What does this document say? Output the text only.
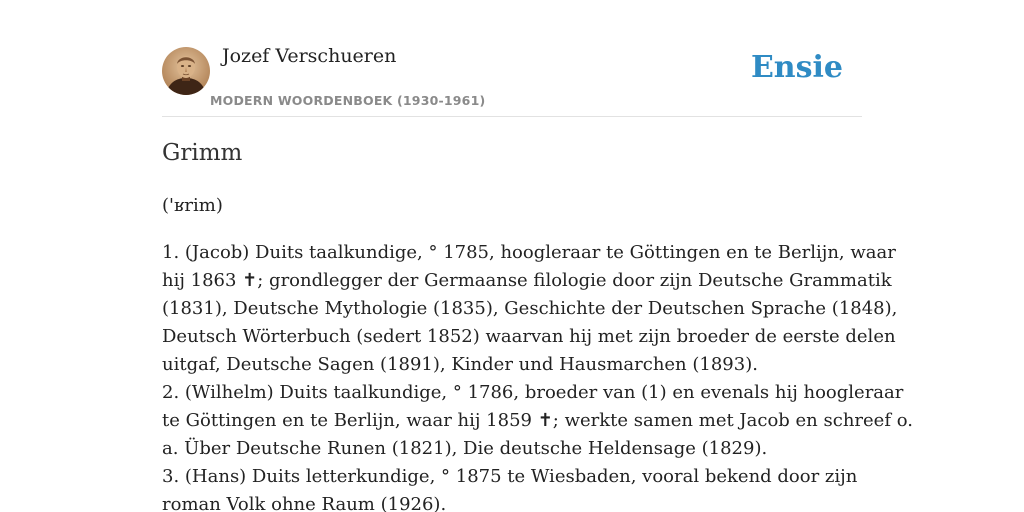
Jozef Verschueren
MODERN WOORDENBOEK (1930-1961)
Ensie
Grimm

('ʁrim)

1. (Jacob) Duits taalkundige, ° 1785, hoogleraar te Göttingen en te Berlijn, waar
hij 1863 ✝; grondlegger der Germaanse filologie door zijn Deutsche Grammatik
(1831), Deutsche Mythologie (1835), Geschichte der Deutschen Sprache (1848),
Deutsch Wörterbuch (sedert 1852) waarvan hij met zijn broeder de eerste delen
uitgaf, Deutsche Sagen (1891), Kinder und Hausmarchen (1893).
2. (Wilhelm) Duits taalkundige, ° 1786, broeder van (1) en evenals hij hoogleraar
te Göttingen en te Berlijn, waar hij 1859 ✝; werkte samen met Jacob en schreef o.
a. Über Deutsche Runen (1821), Die deutsche Heldensage (1829).
3. (Hans) Duits letterkundige, ° 1875 te Wiesbaden, vooral bekend door zijn
roman Volk ohne Raum (1926).
